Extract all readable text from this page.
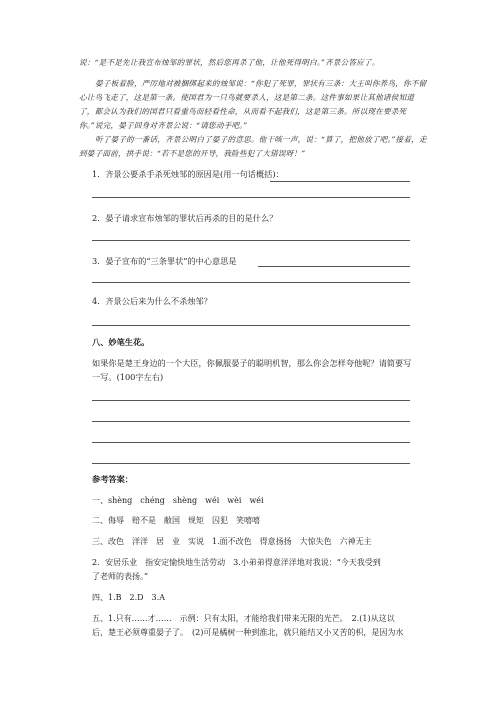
说：“是不是先让我宣布烛邹的罪状，然后您再杀了他，让他死得明白。”齐景公答应了。
晏子板着脸，严厉地对被捆绑起来的烛邹说：“你犯了死罪，罪状有三条：大王叫你养鸟，你不留心让鸟飞走了，这是第一条。使国君为一只鸟就要杀人，这是第二条。这件事如果让其他诸侯知道了，都会认为我们的国君只看重鸟而轻看性命，从而看不起我们，这是第三条。所以现在要杀死你。”说完，晏子回身对齐景公说：“请您动手吧。”
听了晏子的一番话，齐景公明白了晏子的意思。他干咳一声，说：“算了，把他放了吧。”接着，走到晏子面前，拱手说：“若不是您的开导，我险些犯了大错误呀！”
1．齐景公要杀手杀死烛邹的原因是(用一句话概括)：
2．晏子请求宣布烛邹的罪状后再杀的目的是什么？
3．晏子宣布的“三条罪状”的中心意思是
4．齐景公后来为什么不杀烛邹？
八、妙笔生花。
如果你是楚王身边的一个大臣，你佩服晏子的聪明机智，那么你会怎样夸他呢？请简要写一写。(100字左右)
参考答案：
一、shèng　chéng　shèng　wéi　wèi　wéi
二、侮辱　赔不是　敝国　规矩　囚犯　笑嘻嘻
三、改色　洋洋　居　业　实说　1.面不改色　得意扬扬　大惊失色　六神无主
2．安居乐业　指安定愉快地生活劳动　3.小弟弟得意洋洋地对我说：“今天我受到
了老师的表扬。”
四、1.B　2.D　3.A
五、1.只有……才……　示例：只有太阳，才能给我们带来无限的光芒。　2.(1)从这以
后，楚王必须尊重晏子了。　(2)可是橘树一种到淮北，就只能结又小又苦的枳，是因为水
